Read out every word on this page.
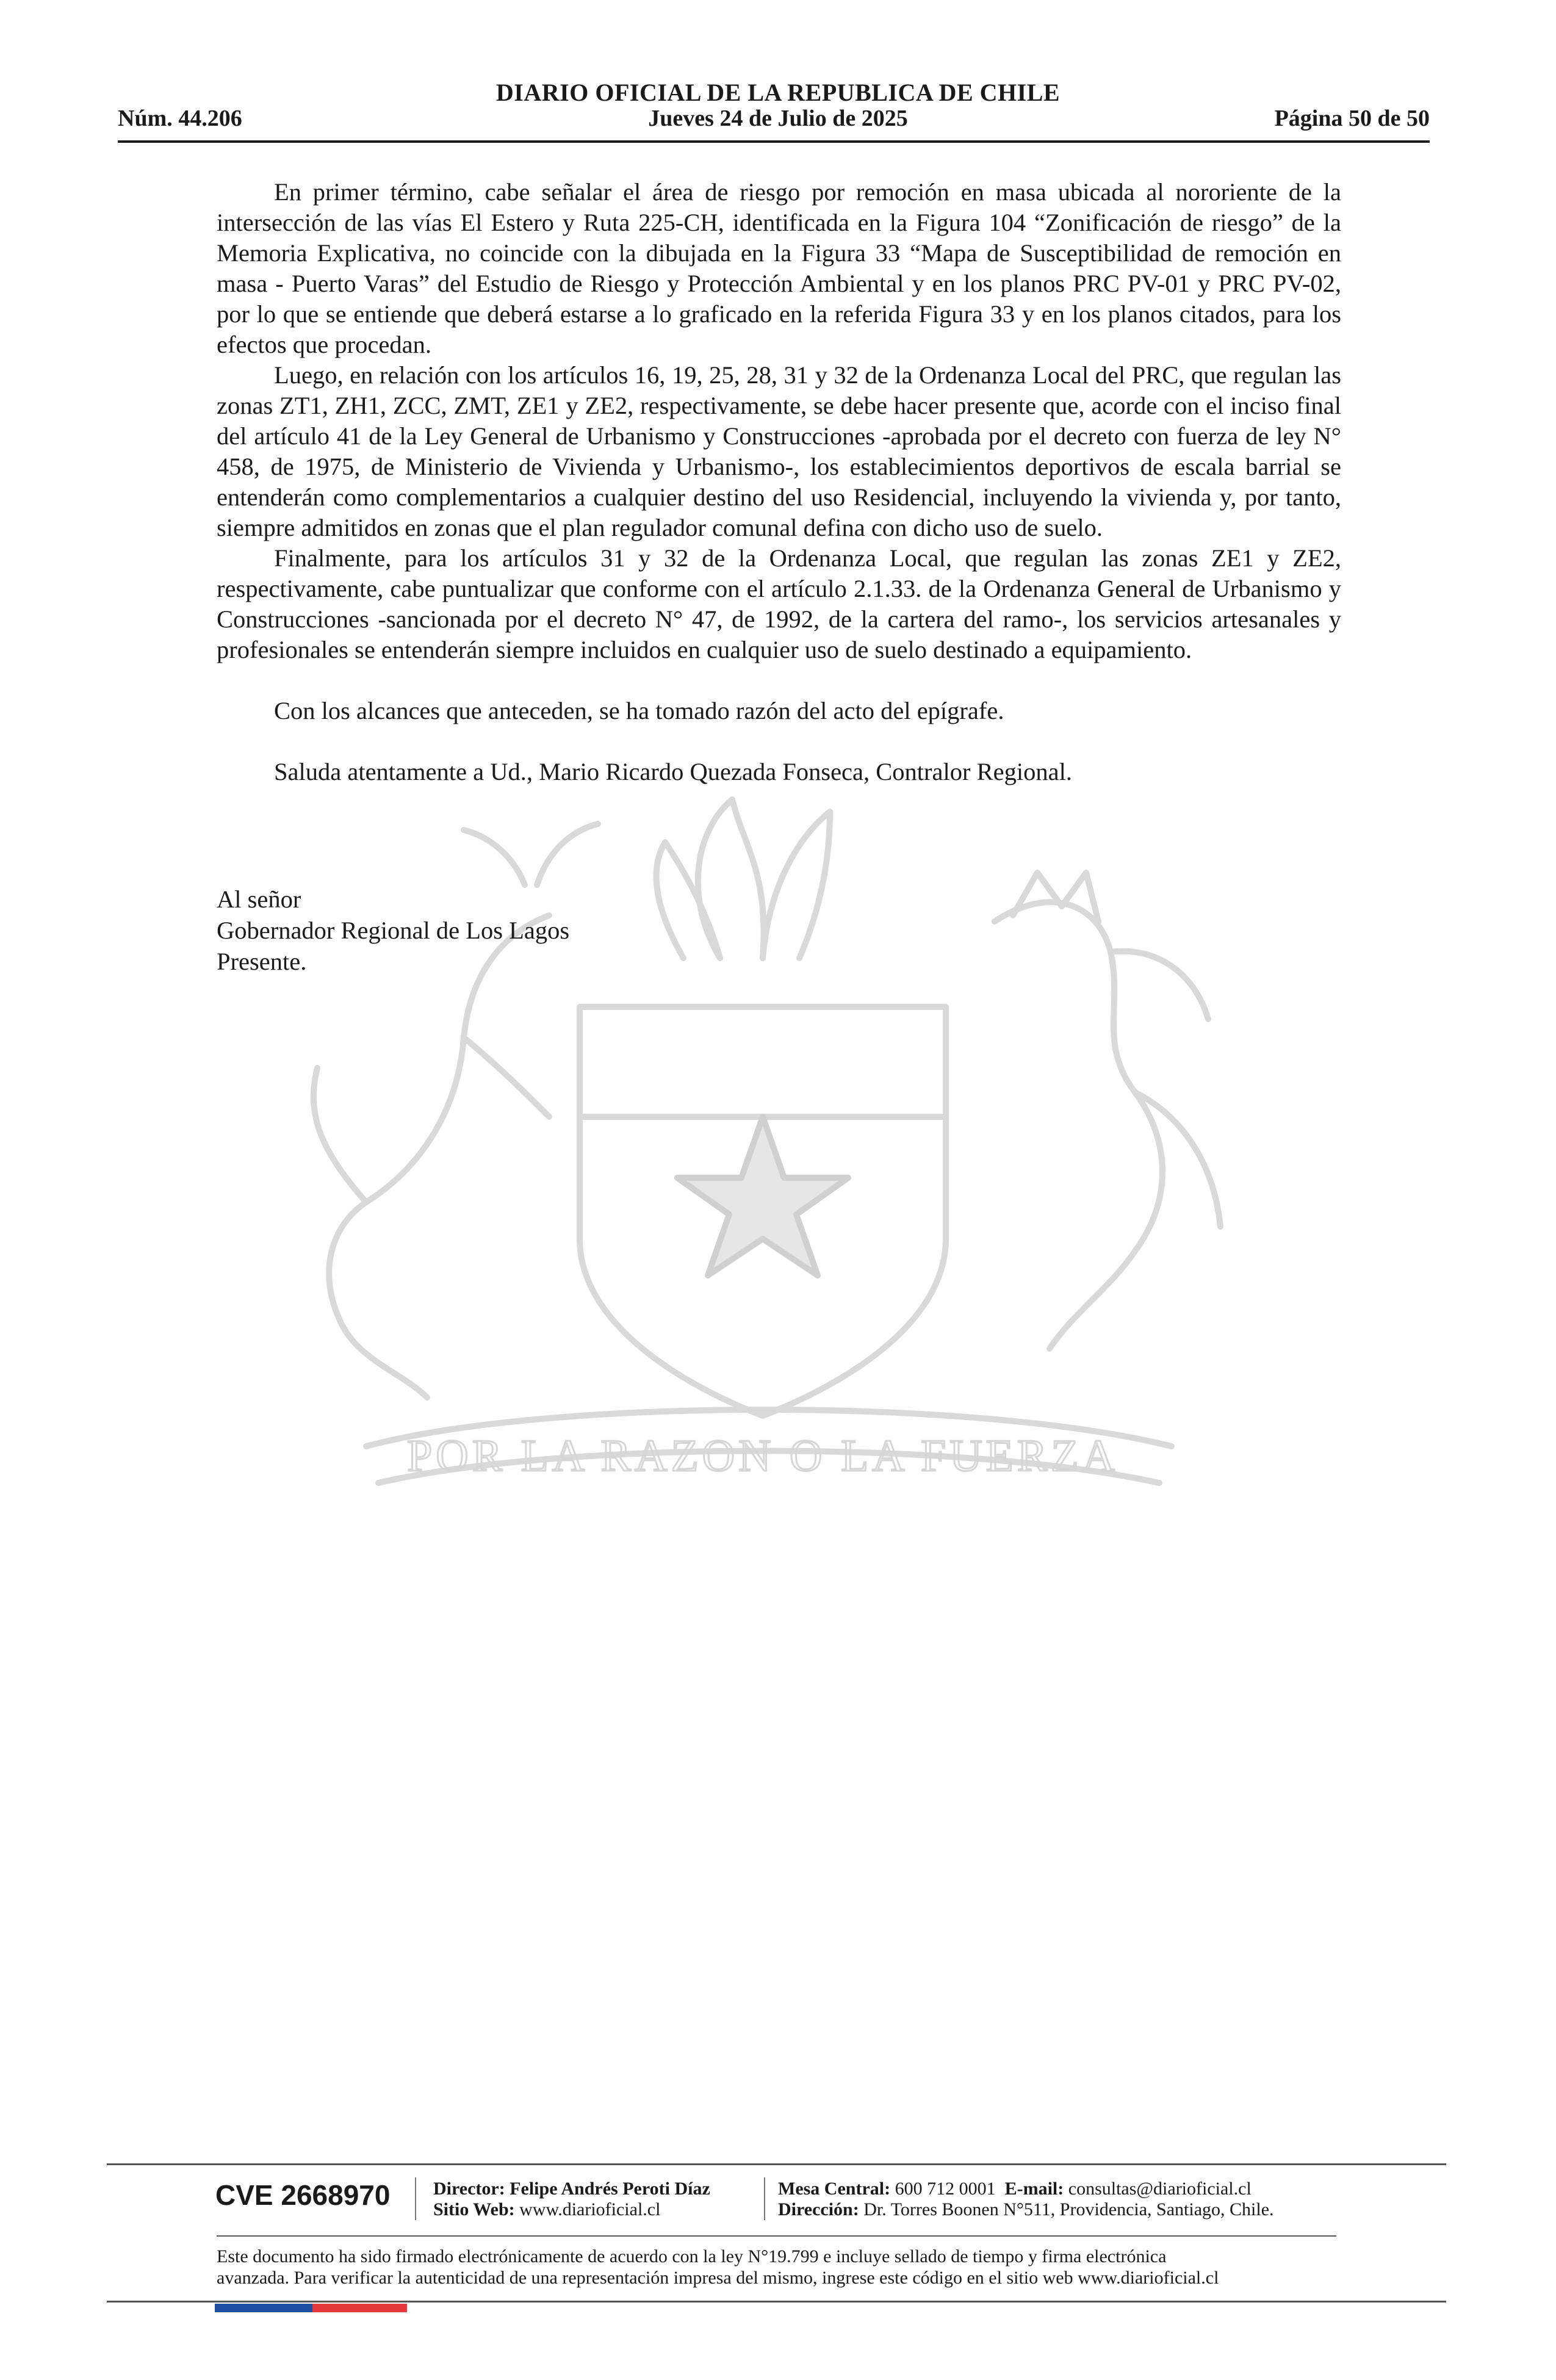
DIARIO OFICIAL DE LA REPUBLICA DE CHILE
Núm. 44.206	Jueves 24 de Julio de 2025	Página 50 de 50
POR LA RAZON O LA FUERZA

En primer término, cabe señalar el área de riesgo por remoción en masa ubicada al nororiente de la intersección de las vías El Estero y Ruta 225-CH, identificada en la Figura 104 “Zonificación de riesgo” de la Memoria Explicativa, no coincide con la dibujada en la Figura 33 “Mapa de Susceptibilidad de remoción en masa - Puerto Varas” del Estudio de Riesgo y Protección Ambiental y en los planos PRC PV-01 y PRC PV-02, por lo que se entiende que deberá estarse a lo graficado en la referida Figura 33 y en los planos citados, para los efectos que procedan.

Luego, en relación con los artículos 16, 19, 25, 28, 31 y 32 de la Ordenanza Local del PRC, que regulan las zonas ZT1, ZH1, ZCC, ZMT, ZE1 y ZE2, respectivamente, se debe hacer presente que, acorde con el inciso final del artículo 41 de la Ley General de Urbanismo y Construcciones -aprobada por el decreto con fuerza de ley N° 458, de 1975, de Ministerio de Vivienda y Urbanismo-, los establecimientos deportivos de escala barrial se entenderán como complementarios a cualquier destino del uso Residencial, incluyendo la vivienda y, por tanto, siempre admitidos en zonas que el plan regulador comunal defina con dicho uso de suelo.

Finalmente, para los artículos 31 y 32 de la Ordenanza Local, que regulan las zonas ZE1 y ZE2, respectivamente, cabe puntualizar que conforme con el artículo 2.1.33. de la Ordenanza General de Urbanismo y Construcciones -sancionada por el decreto N° 47, de 1992, de la cartera del ramo-, los servicios artesanales y profesionales se entenderán siempre incluidos en cualquier uso de suelo destinado a equipamiento.

Con los alcances que anteceden, se ha tomado razón del acto del epígrafe.

Saluda atentamente a Ud., Mario Ricardo Quezada Fonseca, Contralor Regional.

Al señor
Gobernador Regional de Los Lagos
Presente.
CVE 2668970 Director: Felipe Andrés Peroti Díaz
Sitio Web: www.diarioficial.cl
Mesa Central: 600 712 0001 E-mail: consultas@diarioficial.cl
Dirección: Dr. Torres Boonen N°511, Providencia, Santiago, Chile.
Este documento ha sido firmado electrónicamente de acuerdo con la ley N°19.799 e incluye sellado de tiempo y firma electrónica
avanzada. Para verificar la autenticidad de una representación impresa del mismo, ingrese este código en el sitio web www.diarioficial.cl
